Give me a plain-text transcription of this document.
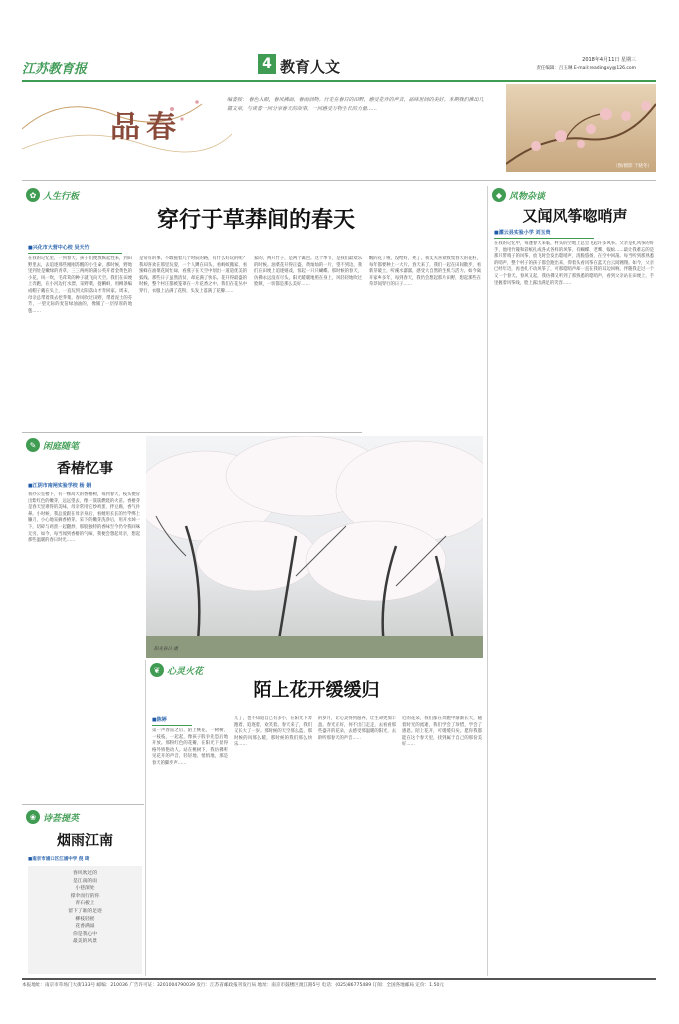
江苏教育报	4 教育人文	2018年4月11日 星期三
责任编辑：吕玉琳 E-mail:readingxy@126.com
品春
编者按： 春色入眼，春风拂面，春雨润物。行走在春日的田野，感受花开的声音，品味世间的美好。本期我们推出几篇文章，与读者一同分享春天的故事，一同感受万物生长的力量……
（图/摄影 于晓冬）
✿ 人生行板
穿行于草莽间的春天
■兴化市大营中心校 吴天竹
在我的记忆里，一到春天，孩子们便放纵起性来，到田野里去，去追逐那些刚刚苏醒的小生命。那时候，野地里到处是嫩绿的青草，三三两两的蒲公英开着金黄色的小花，风一吹，毛茸茸的种子就飞向天空。我们在田埂上奔跑，在小河边打水漂，采野菜，捉蝌蚪，用柳条编成帽子戴在头上，一直玩到太阳落山才肯回家。周末，母亲总带着我去挖荠菜。春风吹过田野，带着泥土的芬芳，一望无际的麦苗绿油油的，像铺了一层厚厚的地毯……
是常有的事。不敢拖着几个时辰的路，有什么好玩的呢？我却喜欢在那里玩耍，一个人蹲在田头，看蚂蚁搬家，看蜜蜂在油菜花间忙碌，看燕子在天空中划出一道道优美的弧线。那些日子虽然清贫，却充满了快乐。花开得最盛的时候，整个村庄都被笼罩在一片花香之中。我们在花丛中穿行，衣服上沾满了花粉，头发上落满了花瓣……
家的，两只竹子，是两个篱笆。这个季节，是我们最欢乐的时候。油菜花开得正盛，黄灿灿的一片，望不到边。我们在田埂上追逐嬉戏，惊起一只只蝴蝶。那时候的春天，仿佛永远没有尽头，阳光暖暖地照在身上，风轻轻地吹过脸颊，一切都是那么美好……
醒的花丁啦，没给好，死了。我丈夫喜欢收集春天的花籽，每年都要种上一大片。春天来了，我们一起在田间散步，看新芽破土，听溪水潺潺，感受大自然的生机与活力。如今离开家乡多年，每到春天，我仍会想起那片田野，想起那些在草莽间穿行的日子……
◆ 风物杂谈
又闻风筝唿哨声
■灌云县实验小学 刘玉贵
在我的记忆中，每逢春天来临，村头的空地上总会飞起许多风筝。父亲是扎风筝的好手，他用竹篾和彩纸扎成各式各样的风筝，有蝴蝶、老鹰、蜈蚣……最让我难忘的是那只带哨子的风筝，放飞时会发出唿哨声，清脆悠扬，在空中回荡。每当听到那熟悉的哨声，整个村子的孩子都会跑出来，仰着头看风筝在蓝天白云间翱翔。如今，父亲已经年迈，再也扎不动风筝了，可那唿哨声却一直在我的耳边回响，伴随我走过一个又一个春天。春风又起，我仿佛又听到了那熟悉的唿哨声，看到父亲站在田埂上，手里握着风筝线，脸上露出满足的笑容……
✎ 闲庭随笔
香椿忆事
■江阴市南闸实验学校 杨 娟
我办公室楼下，有一棵高大的香椿树，每到春天，枝头便冒出紫红色的嫩芽，远远望去，像一簇簇燃烧的火苗。香椿芽是春天里难得的美味，母亲常用它炒鸡蛋、拌豆腐，香气扑鼻。小时候，我总爱跟在母亲身后，看她用长长的竹竿绑上镰刀，小心地采摘香椿芽。采下的嫩芽洗净后，用开水焯一下，切碎与鸡蛋一起翻炒，那股独特的香味至今仍令我回味无穷。如今，每当闻到香椿的气味，我便会想起母亲，想起那些温暖的春日时光……
阳光春日 摄
❦ 心灵火花
陌上花开缓缓归
■陈婷
第一声春雷之后，陌上桃花，一树树，一枝枝，一起起，像孩子般争先恐后地开放。那粉红色的花瓣，在阳光下显得格外娇艳动人。站在桃树下，我仿佛听见花开的声音，轻轻地，悄悄地，那是春天的脚步声……
儿了，也不知道自己有多小，在阳光下奔跑着，追逐着，欢笑着。春天来了，我们又长大了一岁。那时候的天空那么蓝，那时候的风那么暖，那时候的我们那么快乐……
的岁月，让心灵得到滋养，让生命更加丰盈。春光正好，何不出门走走，去看看那些盛开的花朵，去感受那温暖的阳光，去聆听那春天的声音……
近的花朵，我们都在奔跑中渐渐长大，随着时光的流逝，我们学会了珍惜，学会了感恩。陌上花开，可缓缓归矣。愿你我都能在这个春天里，找到属于自己的那份美好……
❀ 诗荟提英
烟雨江南
■南京市浦口区江浦中学 倪 琦
春风吹过的
是江南的雨
小巷深处
撑伞而行的你
青石板上
留下了谁的足迹
柳枝轻摇
花香满溢
你是我心中
最美的风景
本报地址：南京市草场门大街133号 邮编：210036 广告许可证：3201004790039 发行：江苏省邮政报刊发行局 地址：南京市鼓楼区渡江路5号 电话：(025)86775489 订阅：全国各地邮局 定价：1.50元
